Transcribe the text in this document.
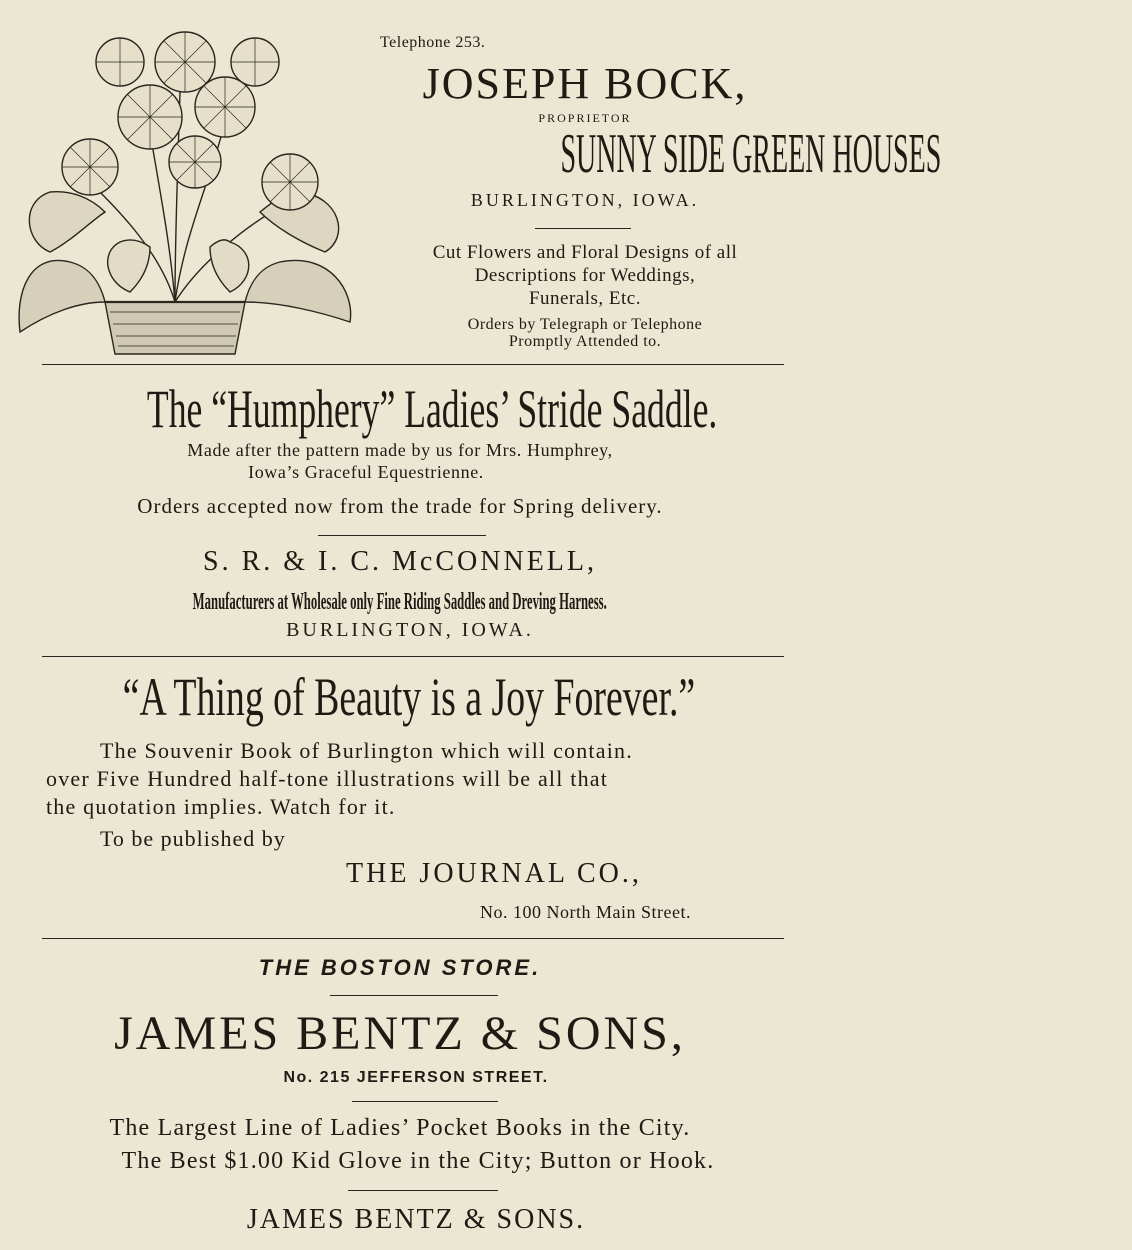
Telephone 253.
JOSEPH BOCK,
PROPRIETOR
SUNNY SIDE GREEN HOUSES
BURLINGTON, IOWA.
Cut Flowers and Floral Designs of all
Descriptions for Weddings,
Funerals, Etc.
Orders by Telegraph or Telephone
Promptly Attended to.
The “Humphery” Ladies’ Stride Saddle.
Made after the pattern made by us for Mrs. Humphrey,
Iowa’s Graceful Equestrienne.
Orders accepted now from the trade for Spring delivery.
S. R. & I. C. McCONNELL,
Manufacturers at Wholesale only Fine Riding Saddles and Dreving Harness.
BURLINGTON, IOWA.
“A Thing of Beauty is a Joy Forever.”
The Souvenir Book of Burlington which will contain.
over Five Hundred half-tone illustrations will be all that
the quotation implies. Watch for it.
To be published by
THE JOURNAL CO.,
No. 100 North Main Street.
THE BOSTON STORE.
JAMES BENTZ & SONS,
No. 215 JEFFERSON STREET.
The Largest Line of Ladies’ Pocket Books in the City.
The Best $1.00 Kid Glove in the City; Button or Hook.
JAMES BENTZ & SONS.
